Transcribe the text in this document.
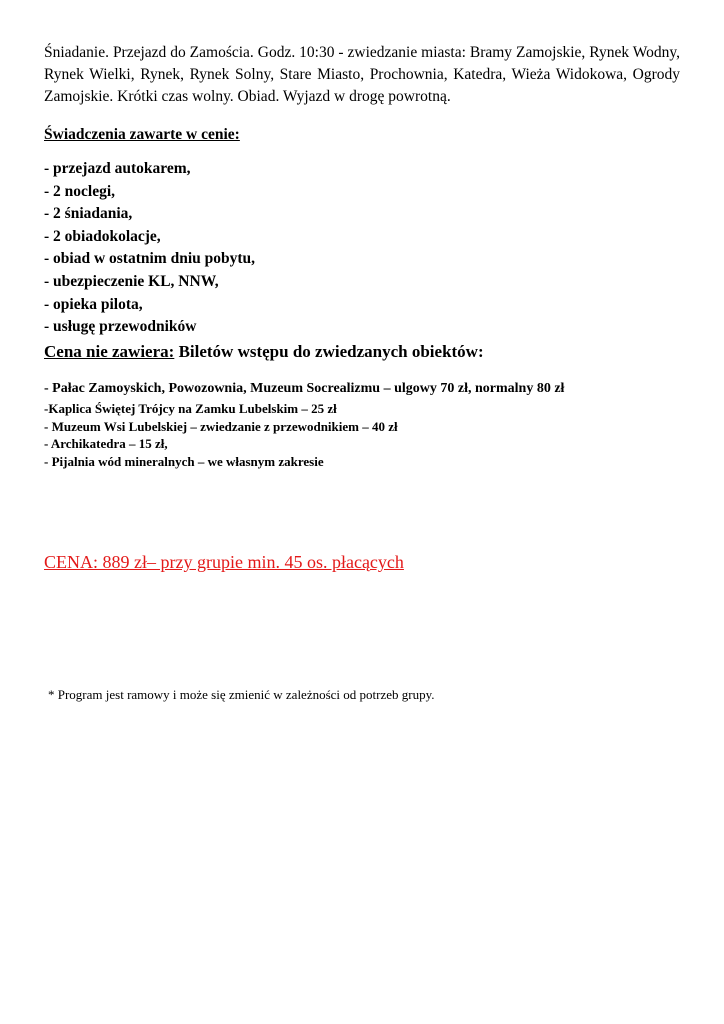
Śniadanie. Przejazd do Zamościa. Godz. 10:30 - zwiedzanie miasta: Bramy Zamojskie, Rynek Wodny, Rynek Wielki, Rynek, Rynek Solny, Stare Miasto, Prochownia, Katedra, Wieża Widokowa, Ogrody Zamojskie. Krótki czas wolny. Obiad. Wyjazd w drogę powrotną.

Świadczenia zawarte w cenie:

- przejazd autokarem,
- 2 noclegi,
- 2 śniadania,
- 2 obiadokolacje,
- obiad w ostatnim dniu pobytu,
- ubezpieczenie KL, NNW,
- opieka pilota,
- usługę przewodników

Cena nie zawiera: Biletów wstępu do zwiedzanych obiektów:

- Pałac Zamoyskich, Powozownia, Muzeum Socrealizmu – ulgowy 70 zł, normalny 80 zł
-Kaplica Świętej Trójcy na Zamku Lubelskim – 25 zł
- Muzeum Wsi Lubelskiej – zwiedzanie z przewodnikiem – 40 zł
- Archikatedra – 15 zł,
- Pijalnia wód mineralnych – we własnym zakresie

CENA: 889 zł– przy grupie min. 45 os. płacących

* Program jest ramowy i może się zmienić w zależności od potrzeb grupy.
